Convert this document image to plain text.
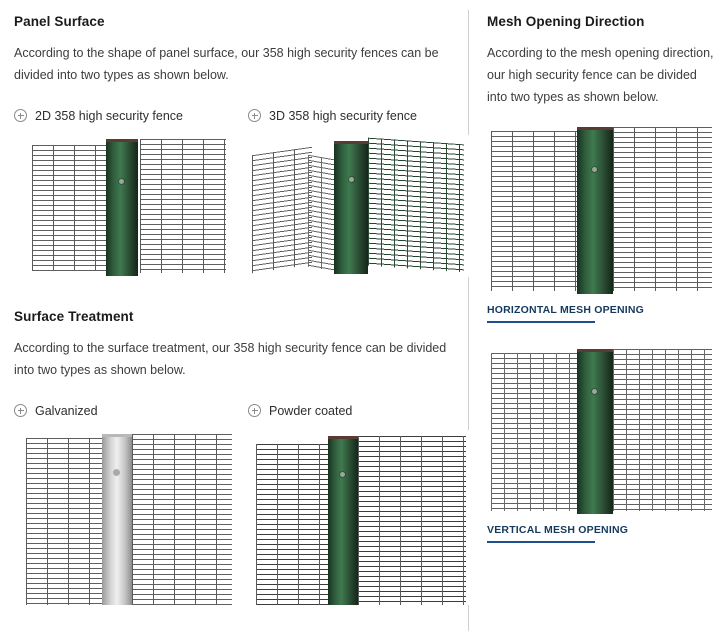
Panel Surface

According to the shape of panel surface, our 358 high security fences can be divided into two types as shown below.

2D 358 high security fence	3D 358 high security fence
Surface Treatment

According to the surface treatment, our 358 high security fence can be divided into two types as shown below.

Galvanized	Powder coated
Mesh Opening Direction

According to the mesh opening direction, our high security fence can be divided into two types as shown below.

HORIZONTAL MESH OPENING
VERTICAL MESH OPENING
